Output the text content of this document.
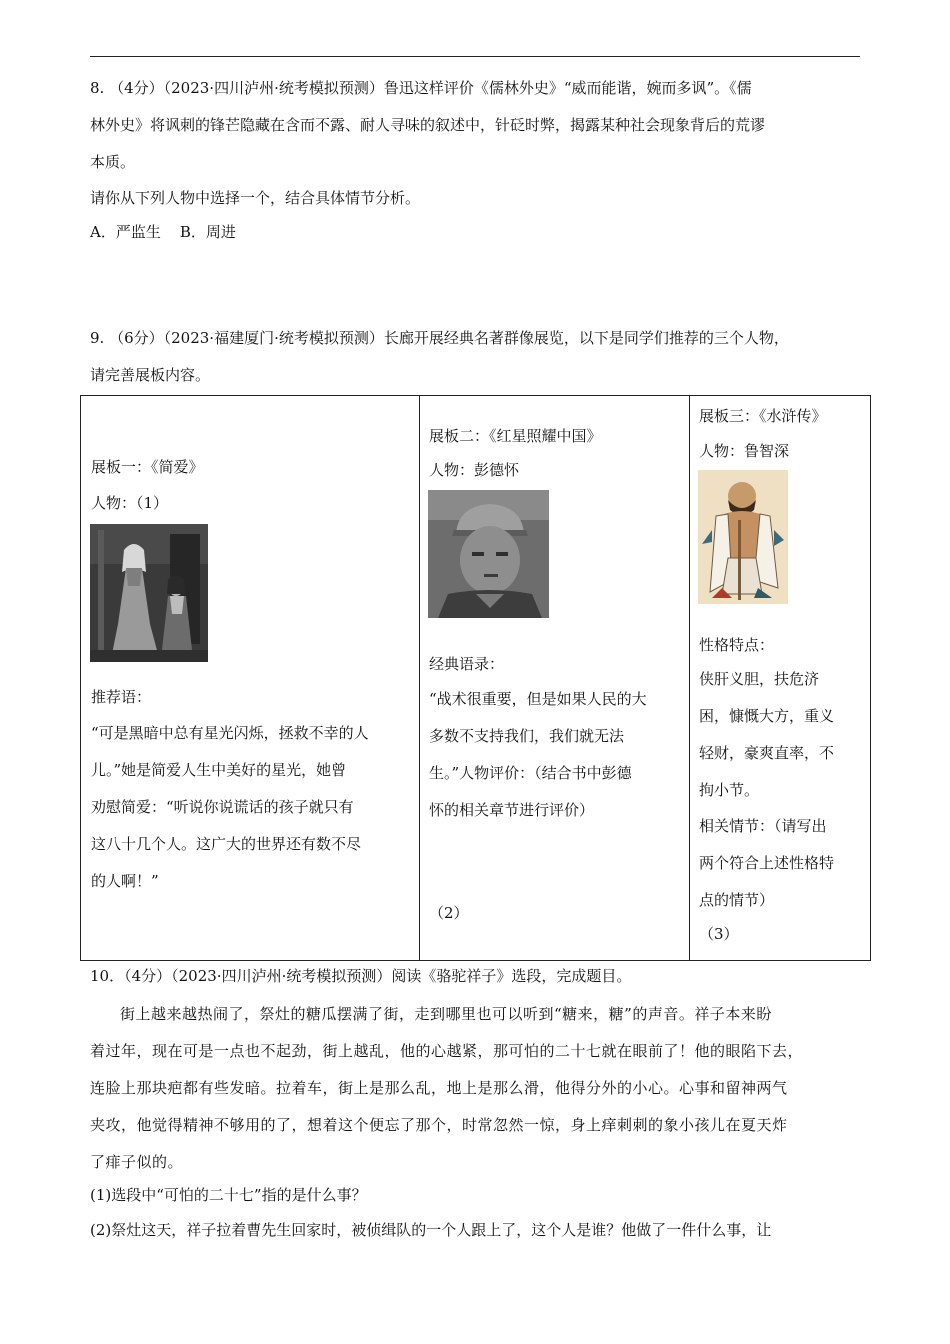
8. （4分）（2023·四川泸州·统考模拟预测）鲁迅这样评价《儒林外史》“威而能谐，婉而多讽”。《儒
林外史》将讽刺的锋芒隐藏在含而不露、耐人寻味的叙述中，针砭时弊，揭露某种社会现象背后的荒谬
本质。
请你从下列人物中选择一个，结合具体情节分析。
A．严监生    B．周进
9. （6分）（2023·福建厦门·统考模拟预测）长廊开展经典名著群像展览，以下是同学们推荐的三个人物，
请完善展板内容。
展板一：《简爱》
人物：（1）
推荐语：
“可是黑暗中总有星光闪烁，拯救不幸的人
儿。”她是简爱人生中美好的星光，她曾
劝慰简爱：“听说你说谎话的孩子就只有
这八十几个人。这广大的世界还有数不尽
的人啊！”

展板二：《红星照耀中国》
人物：彭德怀
经典语录：
“战术很重要，但是如果人民的大
多数不支持我们，我们就无法
生。”人物评价：（结合书中彭德
怀的相关章节进行评价）
（2）

展板三：《水浒传》
人物：鲁智深
性格特点：
侠肝义胆，扶危济
困，慷慨大方，重义
轻财，豪爽直率，不
拘小节。
相关情节：（请写出
两个符合上述性格特
点的情节）
（3）
10．（4分）（2023·四川泸州·统考模拟预测）阅读《骆驼祥子》选段，完成题目。
街上越来越热闹了，祭灶的糖瓜摆满了街，走到哪里也可以听到“糖来，糖”的声音。祥子本来盼
着过年，现在可是一点也不起劲，街上越乱，他的心越紧，那可怕的二十七就在眼前了！他的眼陷下去，
连脸上那块疤都有些发暗。拉着车，街上是那么乱，地上是那么滑，他得分外的小心。心事和留神两气
夹攻，他觉得精神不够用的了，想着这个便忘了那个，时常忽然一惊，身上痒刺刺的象小孩儿在夏天炸
了痱子似的。
(1)选段中“可怕的二十七”指的是什么事？
(2)祭灶这天，祥子拉着曹先生回家时，被侦缉队的一个人跟上了，这个人是谁？他做了一件什么事，让
